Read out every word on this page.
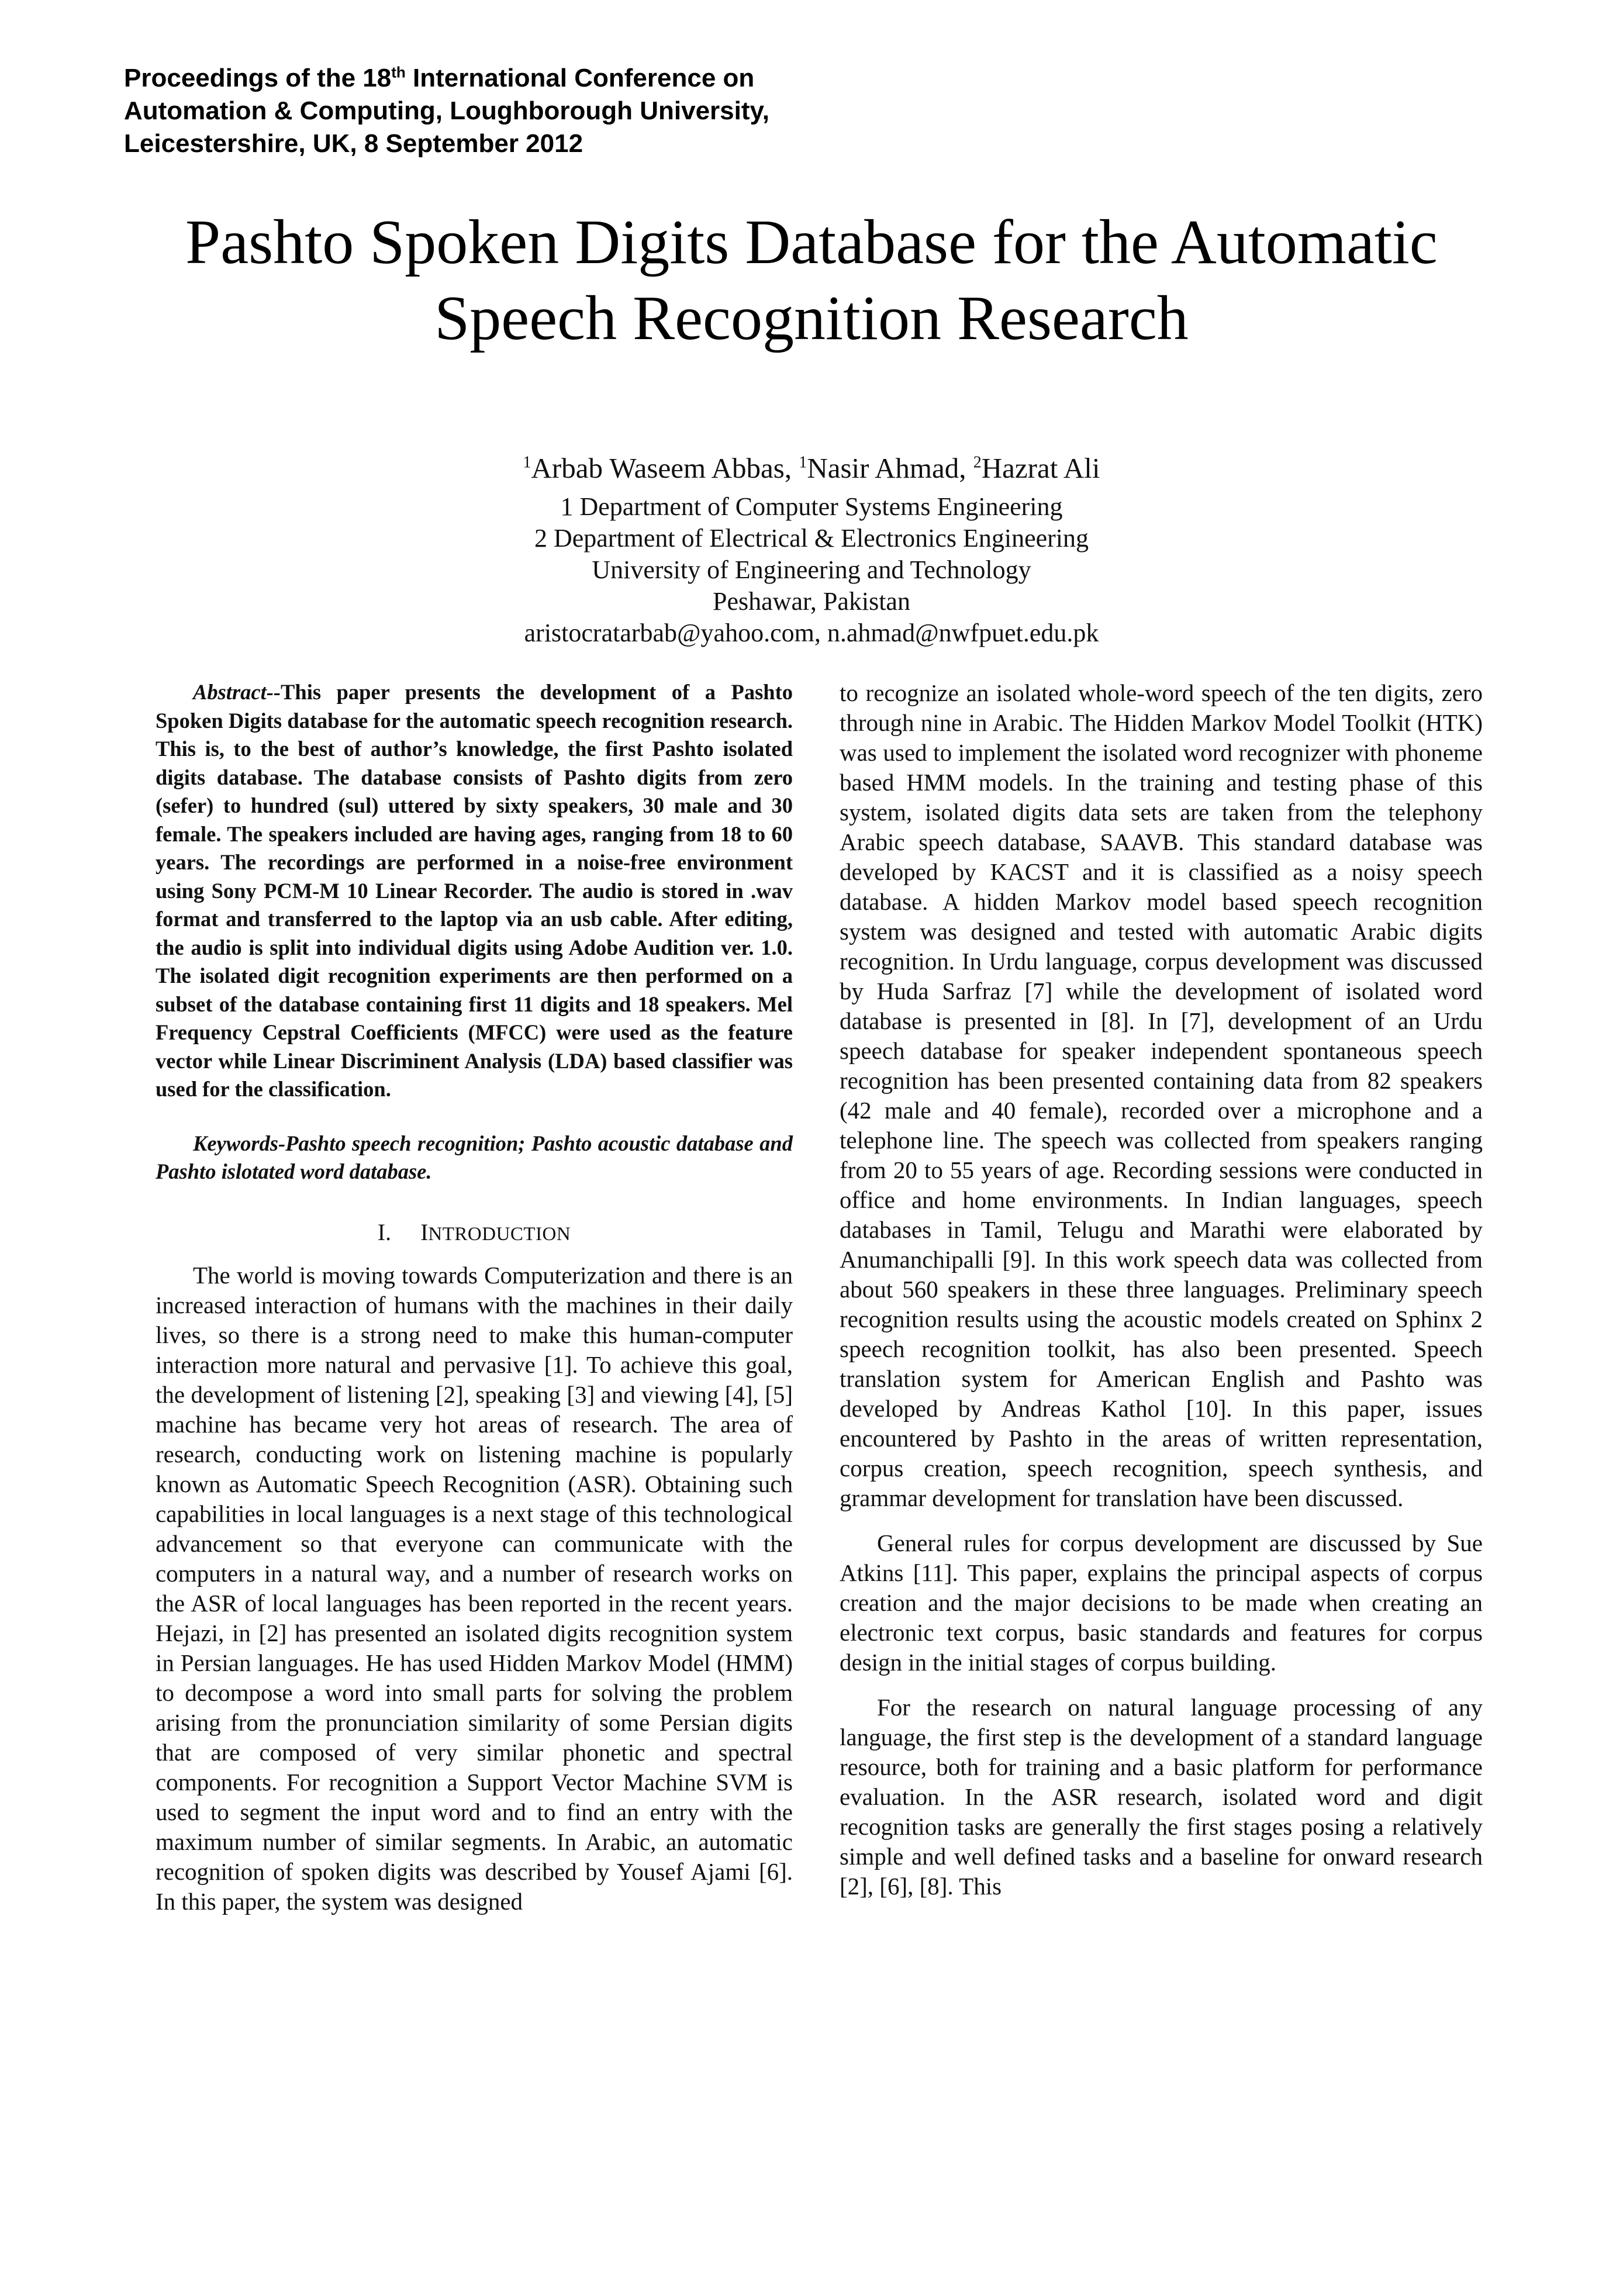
Proceedings of the 18th International Conference on
Automation & Computing, Loughborough University,
Leicestershire, UK, 8 September 2012
Pashto Spoken Digits Database for the Automatic
Speech Recognition Research
$^1$Arbab Waseem Abbas, $^1$Nasir Ahmad, $^2$Hazrat Ali
1 Department of Computer Systems Engineering
2 Department of Electrical & Electronics Engineering
University of Engineering and Technology
Peshawar, Pakistan
aristocratarbab@yahoo.com, n.ahmad@nwfpuet.edu.pk

Abstract--This paper presents the development of a Pashto Spoken Digits database for the automatic speech recognition research. This is, to the best of author’s knowledge, the first Pashto isolated digits database. The database consists of Pashto digits from zero (sefer) to hundred (sul) uttered by sixty speakers, 30 male and 30 female. The speakers included are having ages, ranging from 18 to 60 years. The recordings are performed in a noise-free environment using Sony PCM-M 10 Linear Recorder. The audio is stored in .wav format and transferred to the laptop via an usb cable. After editing, the audio is split into individual digits using Adobe Audition ver. 1.0. The isolated digit recognition experiments are then performed on a subset of the database containing first 11 digits and 18 speakers. Mel Frequency Cepstral Coefficients (MFCC) were used as the feature vector while Linear Discriminent Analysis (LDA) based classifier was used for the classification.

Keywords-Pashto speech recognition; Pashto acoustic database and Pashto islotated word database.

I. INTRODUCTION

The world is moving towards Computerization and there is an increased interaction of humans with the machines in their daily lives, so there is a strong need to make this human-computer interaction more natural and pervasive [1]. To achieve this goal, the development of listening [2], speaking [3] and viewing [4], [5] machine has became very hot areas of research. The area of research, conducting work on listening machine is popularly known as Automatic Speech Recognition (ASR). Obtaining such capabilities in local languages is a next stage of this technological advancement so that everyone can communicate with the computers in a natural way, and a number of research works on the ASR of local languages has been reported in the recent years. Hejazi, in [2] has presented an isolated digits recognition system in Persian languages. He has used Hidden Markov Model (HMM) to decompose a word into small parts for solving the problem arising from the pronunciation similarity of some Persian digits that are composed of very similar phonetic and spectral components. For recognition a Support Vector Machine SVM is used to segment the input word and to find an entry with the maximum number of similar segments. In Arabic, an automatic recognition of spoken digits was described by Yousef Ajami [6]. In this paper, the system was designed

to recognize an isolated whole-word speech of the ten digits, zero through nine in Arabic. The Hidden Markov Model Toolkit (HTK) was used to implement the isolated word recognizer with phoneme based HMM models. In the training and testing phase of this system, isolated digits data sets are taken from the telephony Arabic speech database, SAAVB. This standard database was developed by KACST and it is classified as a noisy speech database. A hidden Markov model based speech recognition system was designed and tested with automatic Arabic digits recognition. In Urdu language, corpus development was discussed by Huda Sarfraz [7] while the development of isolated word database is presented in [8]. In [7], development of an Urdu speech database for speaker independent spontaneous speech recognition has been presented containing data from 82 speakers (42 male and 40 female), recorded over a microphone and a telephone line. The speech was collected from speakers ranging from 20 to 55 years of age. Recording sessions were conducted in office and home environments. In Indian languages, speech databases in Tamil, Telugu and Marathi were elaborated by Anumanchipalli [9]. In this work speech data was collected from about 560 speakers in these three languages. Preliminary speech recognition results using the acoustic models created on Sphinx 2 speech recognition toolkit, has also been presented. Speech translation system for American English and Pashto was developed by Andreas Kathol [10]. In this paper, issues encountered by Pashto in the areas of written representation, corpus creation, speech recognition, speech synthesis, and grammar development for translation have been discussed.

General rules for corpus development are discussed by Sue Atkins [11]. This paper, explains the principal aspects of corpus creation and the major decisions to be made when creating an electronic text corpus, basic standards and features for corpus design in the initial stages of corpus building.

For the research on natural language processing of any language, the first step is the development of a standard language resource, both for training and a basic platform for performance evaluation. In the ASR research, isolated word and digit recognition tasks are generally the first stages posing a relatively simple and well defined tasks and a baseline for onward research [2], [6], [8]. This
